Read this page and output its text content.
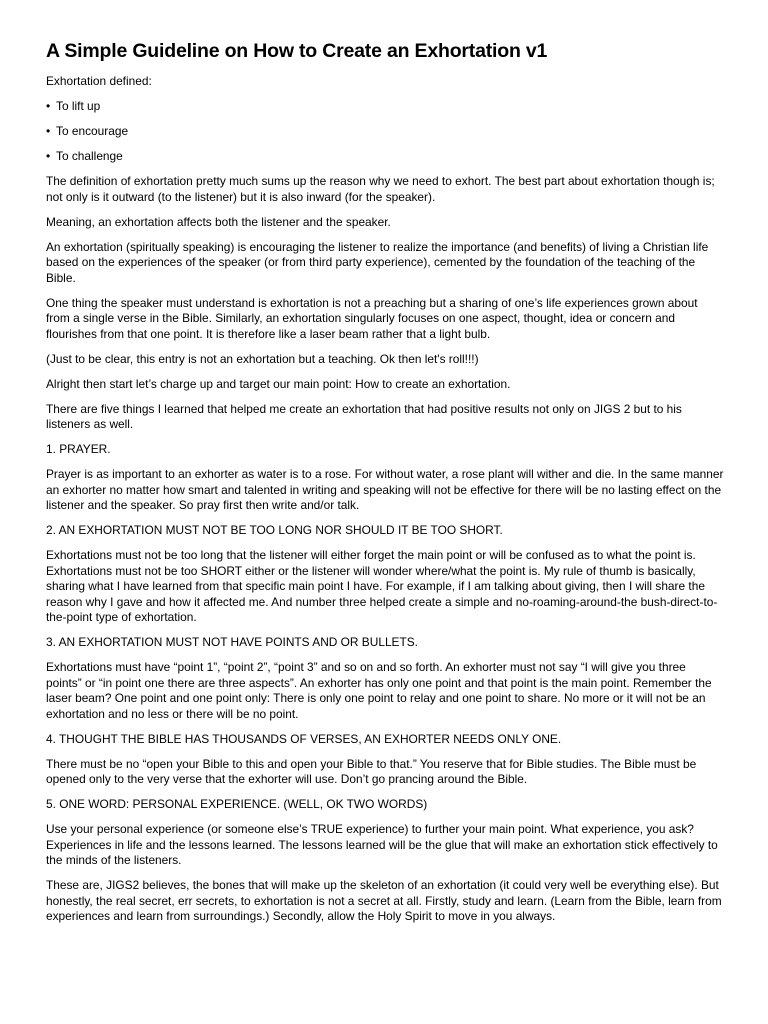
A Simple Guideline on How to Create an Exhortation v1
Exhortation defined:
• To lift up
• To encourage
• To challenge
The definition of exhortation pretty much sums up the reason why we need to exhort. The best part about exhortation though is; not only is it outward (to the listener) but it is also inward (for the speaker).
Meaning, an exhortation affects both the listener and the speaker.
An exhortation (spiritually speaking) is encouraging the listener to realize the importance (and benefits) of living a Christian life based on the experiences of the speaker (or from third party experience), cemented by the foundation of the teaching of the Bible.
One thing the speaker must understand is exhortation is not a preaching but a sharing of one’s life experiences grown about from a single verse in the Bible. Similarly, an exhortation singularly focuses on one aspect, thought, idea or concern and flourishes from that one point. It is therefore like a laser beam rather that a light bulb.
(Just to be clear, this entry is not an exhortation but a teaching. Ok then let's roll!!!)
Alright then start let’s charge up and target our main point: How to create an exhortation.
There are five things I learned that helped me create an exhortation that had positive results not only on JIGS 2 but to his listeners as well.
1. PRAYER.
Prayer is as important to an exhorter as water is to a rose. For without water, a rose plant will wither and die. In the same manner an exhorter no matter how smart and talented in writing and speaking will not be effective for there will be no lasting effect on the listener and the speaker. So pray first then write and/or talk.
2. AN EXHORTATION MUST NOT BE TOO LONG NOR SHOULD IT BE TOO SHORT.
Exhortations must not be too long that the listener will either forget the main point or will be confused as to what the point is. Exhortations must not be too SHORT either or the listener will wonder where/what the point is. My rule of thumb is basically, sharing what I have learned from that specific main point I have. For example, if I am talking about giving, then I will share the reason why I gave and how it affected me. And number three helped create a simple and no-roaming-around-the bush-direct-to-the-point type of exhortation.
3. AN EXHORTATION MUST NOT HAVE POINTS AND OR BULLETS.
Exhortations must have “point 1”, “point 2”, “point 3” and so on and so forth. An exhorter must not say “I will give you three points” or “in point one there are three aspects”. An exhorter has only one point and that point is the main point. Remember the laser beam? One point and one point only: There is only one point to relay and one point to share. No more or it will not be an exhortation and no less or there will be no point.
4. THOUGHT THE BIBLE HAS THOUSANDS OF VERSES, AN EXHORTER NEEDS ONLY ONE.
There must be no “open your Bible to this and open your Bible to that.” You reserve that for Bible studies. The Bible must be opened only to the very verse that the exhorter will use. Don’t go prancing around the Bible.
5. ONE WORD: PERSONAL EXPERIENCE. (WELL, OK TWO WORDS)
Use your personal experience (or someone else’s TRUE experience) to further your main point. What experience, you ask? Experiences in life and the lessons learned. The lessons learned will be the glue that will make an exhortation stick effectively to the minds of the listeners.
These are, JIGS2 believes, the bones that will make up the skeleton of an exhortation (it could very well be everything else). But honestly, the real secret, err secrets, to exhortation is not a secret at all. Firstly, study and learn. (Learn from the Bible, learn from experiences and learn from surroundings.) Secondly, allow the Holy Spirit to move in you always.
